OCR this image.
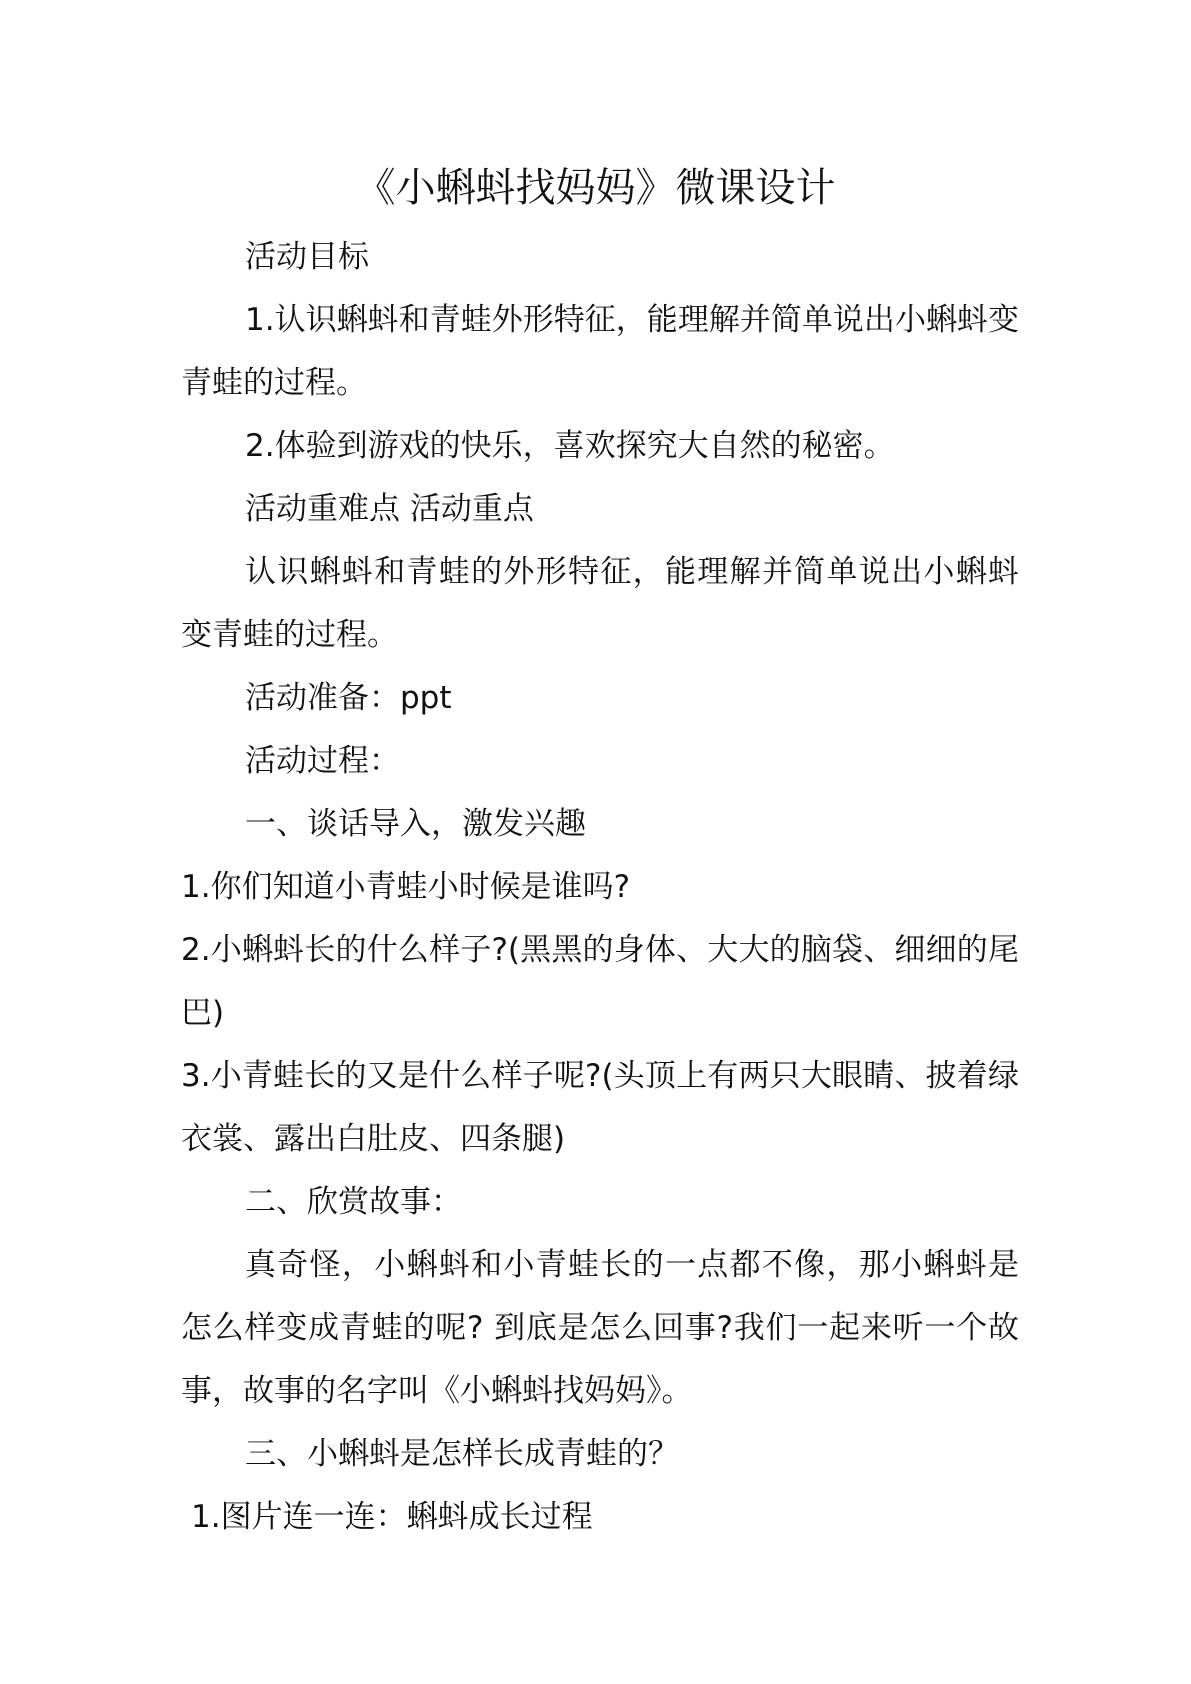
《小蝌蚪找妈妈》微课设计

活动目标

1.认识蝌蚪和青蛙外形特征，能理解并简单说出小蝌蚪变青蛙的过程。

2.体验到游戏的快乐，喜欢探究大自然的秘密。

活动重难点 活动重点

认识蝌蚪和青蛙的外形特征，能理解并简单说出小蝌蚪变青蛙的过程。

活动准备：ppt

活动过程：

一、谈话导入，激发兴趣

1.你们知道小青蛙小时候是谁吗?

2.小蝌蚪长的什么样子?(黑黑的身体、大大的脑袋、细细的尾巴)

3.小青蛙长的又是什么样子呢?(头顶上有两只大眼睛、披着绿衣裳、露出白肚皮、四条腿)

二、欣赏故事：

真奇怪，小蝌蚪和小青蛙长的一点都不像，那小蝌蚪是怎么样变成青蛙的呢? 到底是怎么回事?我们一起来听一个故事，故事的名字叫《小蝌蚪找妈妈》。

三、小蝌蚪是怎样长成青蛙的？

1.图片连一连：蝌蚪成长过程
